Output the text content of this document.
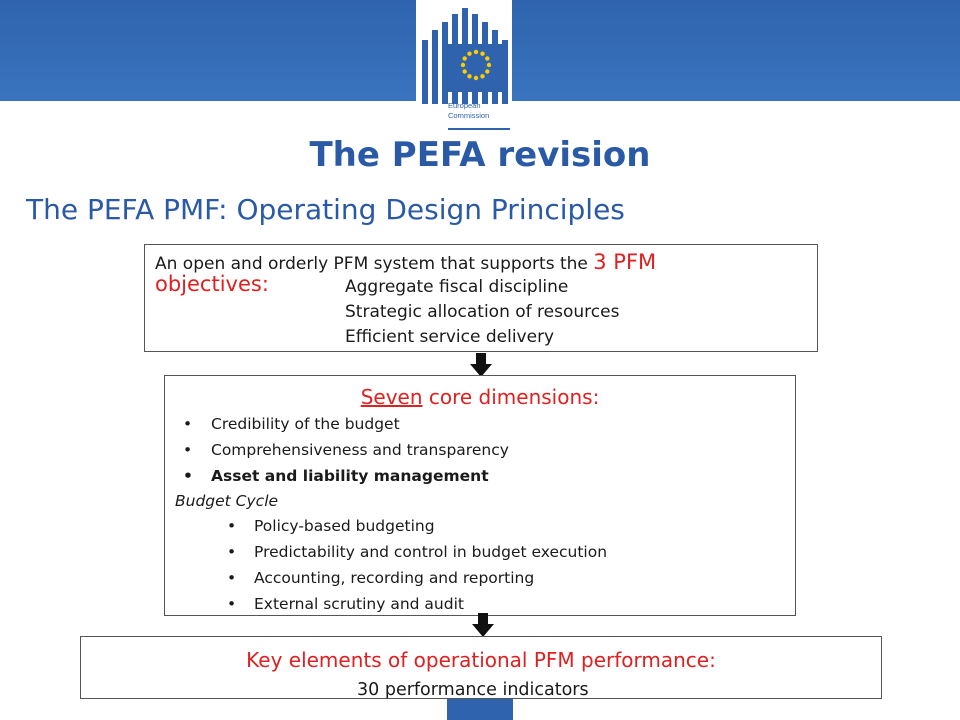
European
Commission
The PEFA revision
The PEFA PMF: Operating Design Principles
An open and orderly PFM system that supports the 3 PFM
objectives:	Aggregate fiscal discipline
Strategic allocation of resources
Efficient service delivery
Seven core dimensions:
• Credibility of the budget
• Comprehensiveness and transparency
• Asset and liability management
Budget Cycle
• Policy-based budgeting
• Predictability and control in budget execution
• Accounting, recording and reporting
• External scrutiny and audit
Key elements of operational PFM performance:
30 performance indicators
